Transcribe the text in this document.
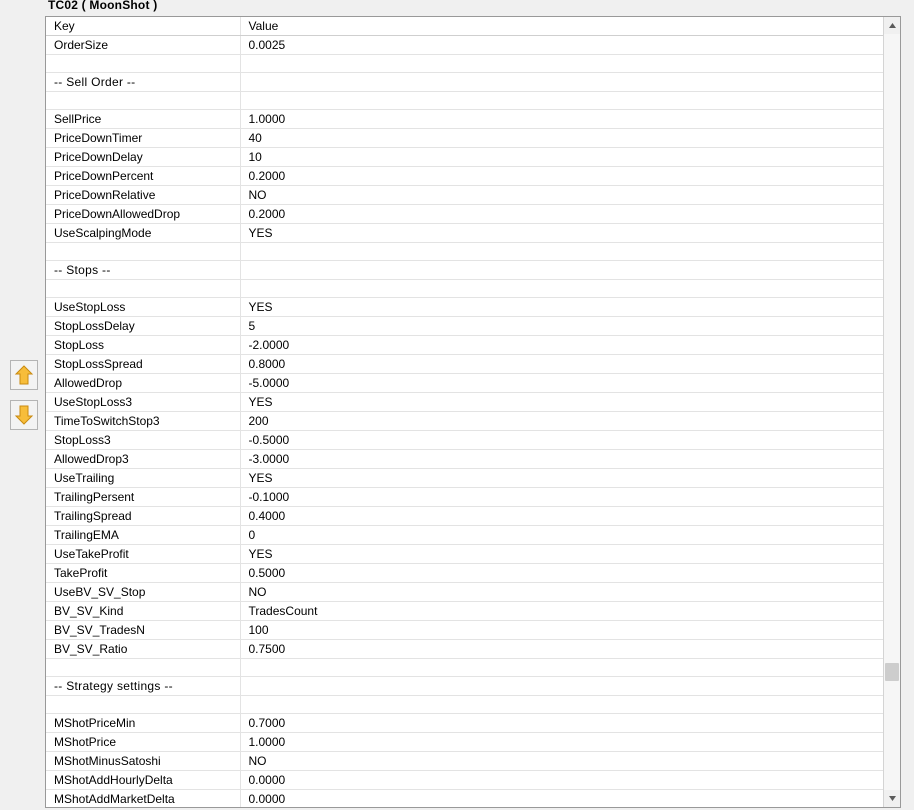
TC02 ( MoonShot )
Key	Value
OrderSize	0.0025

-- Sell Order --	

SellPrice	1.0000
PriceDownTimer	40
PriceDownDelay	10
PriceDownPercent	0.2000
PriceDownRelative	NO
PriceDownAllowedDrop	0.2000
UseScalpingMode	YES

-- Stops --	

UseStopLoss	YES
StopLossDelay	5
StopLoss	-2.0000
StopLossSpread	0.8000
AllowedDrop	-5.0000
UseStopLoss3	YES
TimeToSwitchStop3	200
StopLoss3	-0.5000
AllowedDrop3	-3.0000
UseTrailing	YES
TrailingPersent	-0.1000
TrailingSpread	0.4000
TrailingEMA	0
UseTakeProfit	YES
TakeProfit	0.5000
UseBV_SV_Stop	NO
BV_SV_Kind	TradesCount
BV_SV_TradesN	100
BV_SV_Ratio	0.7500

-- Strategy settings --	

MShotPriceMin	0.7000
MShotPrice	1.0000
MShotMinusSatoshi	NO
MShotAddHourlyDelta	0.0000
MShotAddMarketDelta	0.0000
